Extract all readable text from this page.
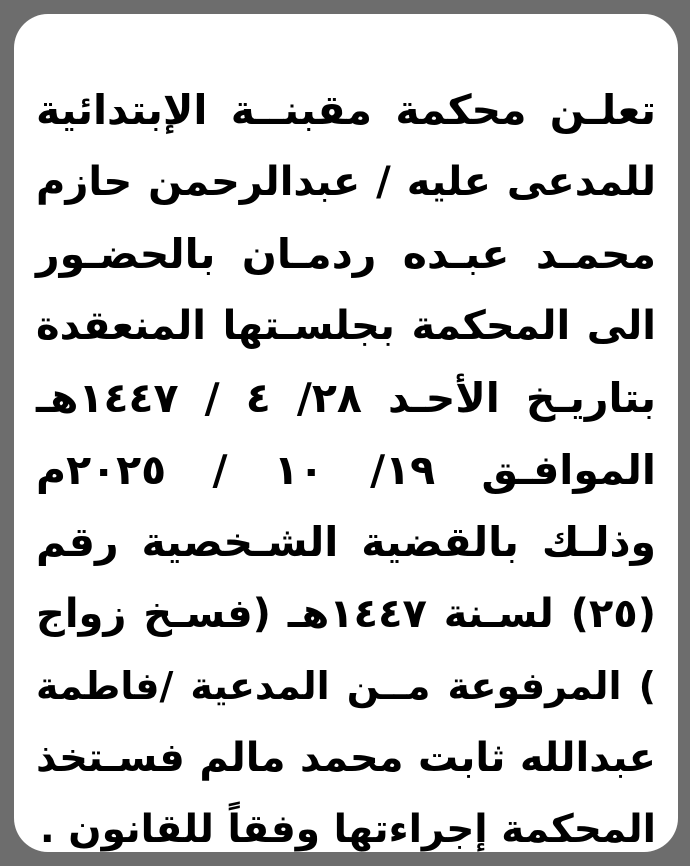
تعلـن محكمة مقبنــة الإبتدائية
للمدعى عليه / عبدالرحمن حازم
محمـد عبـده ردمـان بالحضـور
الى المحكمة بجلسـتها المنعقدة
بتاريـخ الأحـد ٢٨/ ٤ / ١٤٤٧هـ
الموافـق ١٩/ ١٠ / ٢٠٢٥م
وذلـك بالقضية الشـخصية رقم
(٢٥) لسـنة ١٤٤٧هـ (فسـخ زواج
) المرفوعة مــن المدعية /فاطمة
عبدالله ثابت محمد مالم فسـتخذ
المحكمة إجراءتها وفقاً للقانون .
